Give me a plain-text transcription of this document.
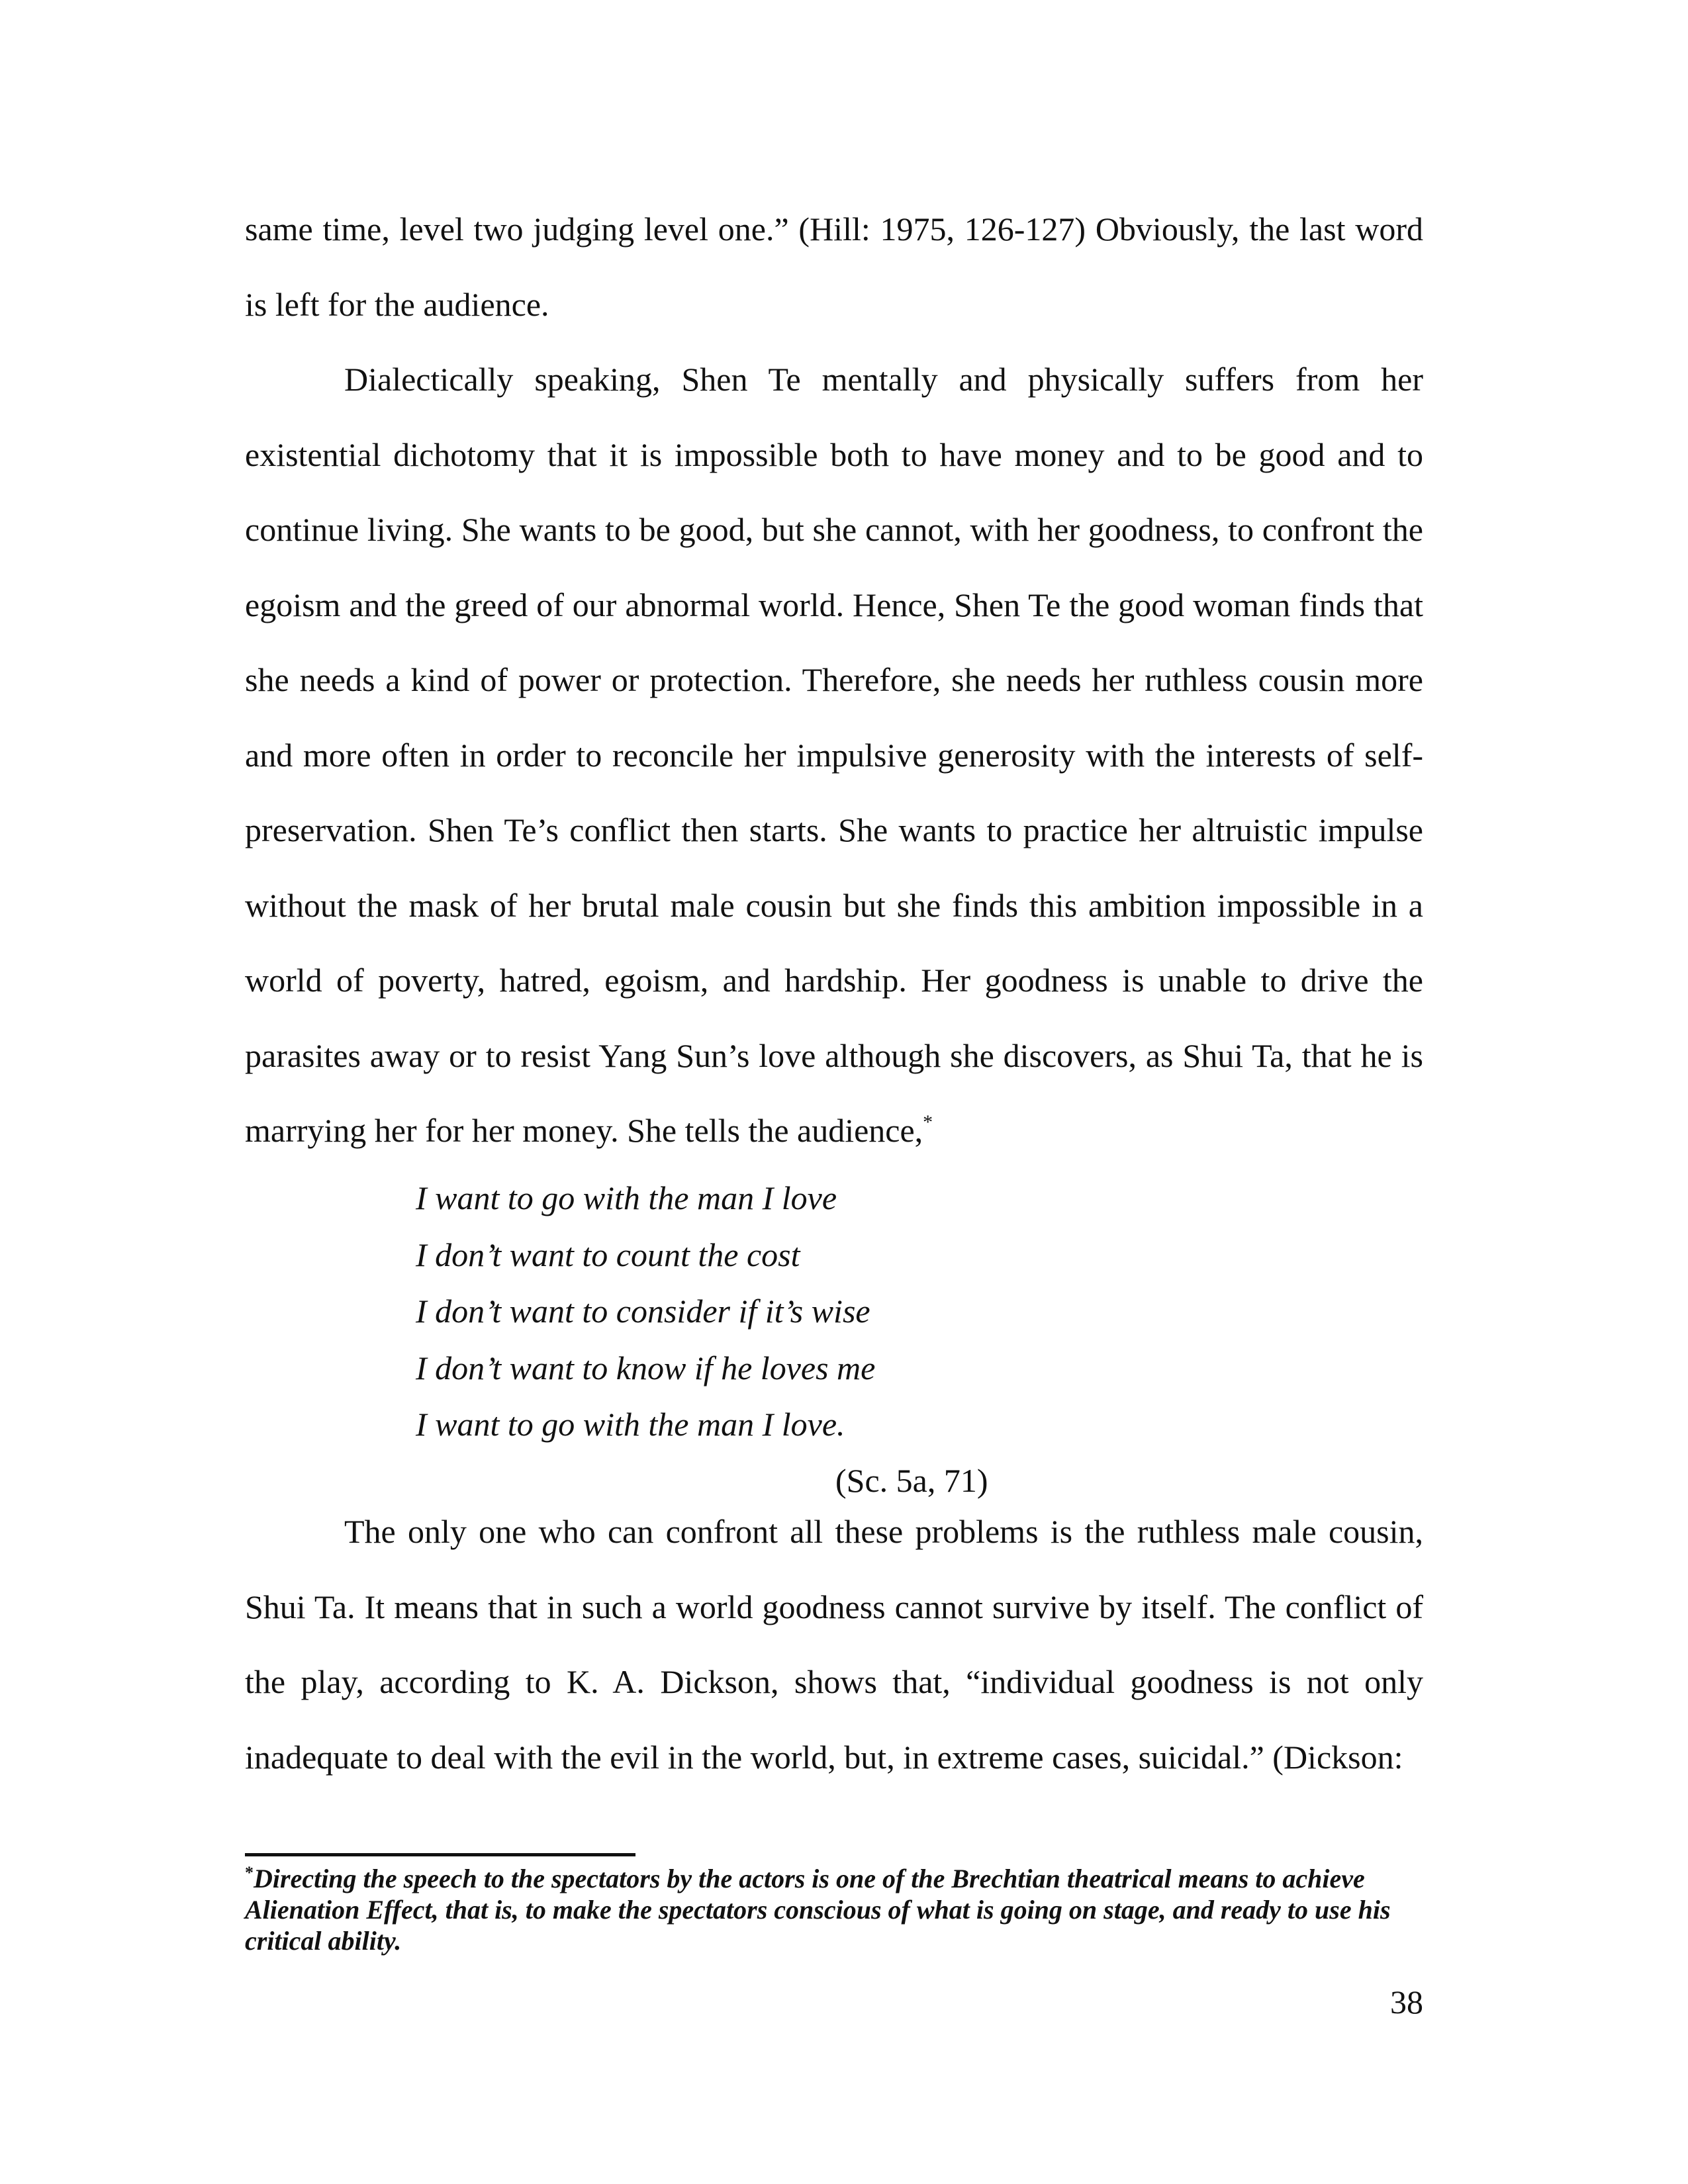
same time, level two judging level one.” (Hill: 1975, 126-127) Obviously, the last word is left for the audience.

Dialectically speaking, Shen Te mentally and physically suffers from her existential dichotomy that it is impossible both to have money and to be good and to continue living. She wants to be good, but she cannot, with her goodness, to confront the egoism and the greed of our abnormal world. Hence, Shen Te the good woman finds that she needs a kind of power or protection. Therefore, she needs her ruthless cousin more and more often in order to reconcile her impulsive generosity with the interests of self-preservation. Shen Te’s conflict then starts. She wants to practice her altruistic impulse without the mask of her brutal male cousin but she finds this ambition impossible in a world of poverty, hatred, egoism, and hardship. Her goodness is unable to drive the parasites away or to resist Yang Sun’s love although she discovers, as Shui Ta, that he is marrying her for her money. She tells the audience,*

I want to go with the man I love
I don’t want to count the cost
I don’t want to consider if it’s wise
I don’t want to know if he loves me
I want to go with the man I love.
(Sc. 5a, 71)

The only one who can confront all these problems is the ruthless male cousin, Shui Ta. It means that in such a world goodness cannot survive by itself. The conflict of the play, according to K. A. Dickson, shows that, “individual goodness is not only inadequate to deal with the evil in the world, but, in extreme cases, suicidal.” (Dickson:

*Directing the speech to the spectators by the actors is one of the Brechtian theatrical means to achieve Alienation Effect, that is, to make the spectators conscious of what is going on stage, and ready to use his critical ability.
38
